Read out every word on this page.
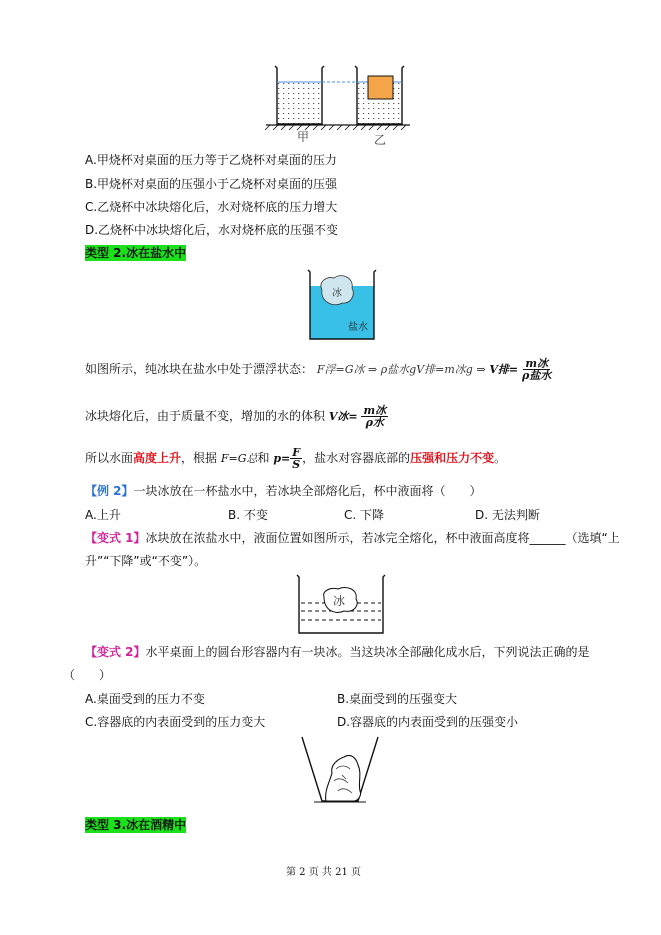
甲	乙
A.甲烧杯对桌面的压力等于乙烧杯对桌面的压力
B.甲烧杯对桌面的压强小于乙烧杯对桌面的压强
C.乙烧杯中冰块熔化后，水对烧杯底的压力增大
D.乙烧杯中冰块熔化后，水对烧杯底的压强不变
类型 2.冰在盐水中
冰
盐水
如图所示，纯冰块在盐水中处于漂浮状态： F浮=G冰 ⇒ ρ盐水gV排=m冰g ⇒ V排= $\frac{\text{m冰}}{\text{ρ盐水}}$
冰块熔化后，由于质量不变，增加的水的体积 V冰= $\frac{\text{m冰}}{\text{ρ水}}$
所以水面高度上升，根据 F=G总和 $p= \frac{F}{S}$ ，盐水对容器底部的压强和压力不变。
【例 2】一块冰放在一杯盐水中，若冰块全部熔化后，杯中液面将（　　）
A.上升	B. 不变	C. 下降	D. 无法判断
【变式 1】冰块放在浓盐水中，液面位置如图所示，若冰完全熔化，杯中液面高度将______（选填“上
升”“下降”或“不变”）。
冰
【变式 2】水平桌面上的圆台形容器内有一块冰。当这块冰全部融化成水后，下列说法正确的是
（　　）
A.桌面受到的压力不变	B.桌面受到的压强变大
C.容器底的内表面受到的压力变大	D.容器底的内表面受到的压强变小
类型 3.冰在酒精中
第 2 页 共 21 页
